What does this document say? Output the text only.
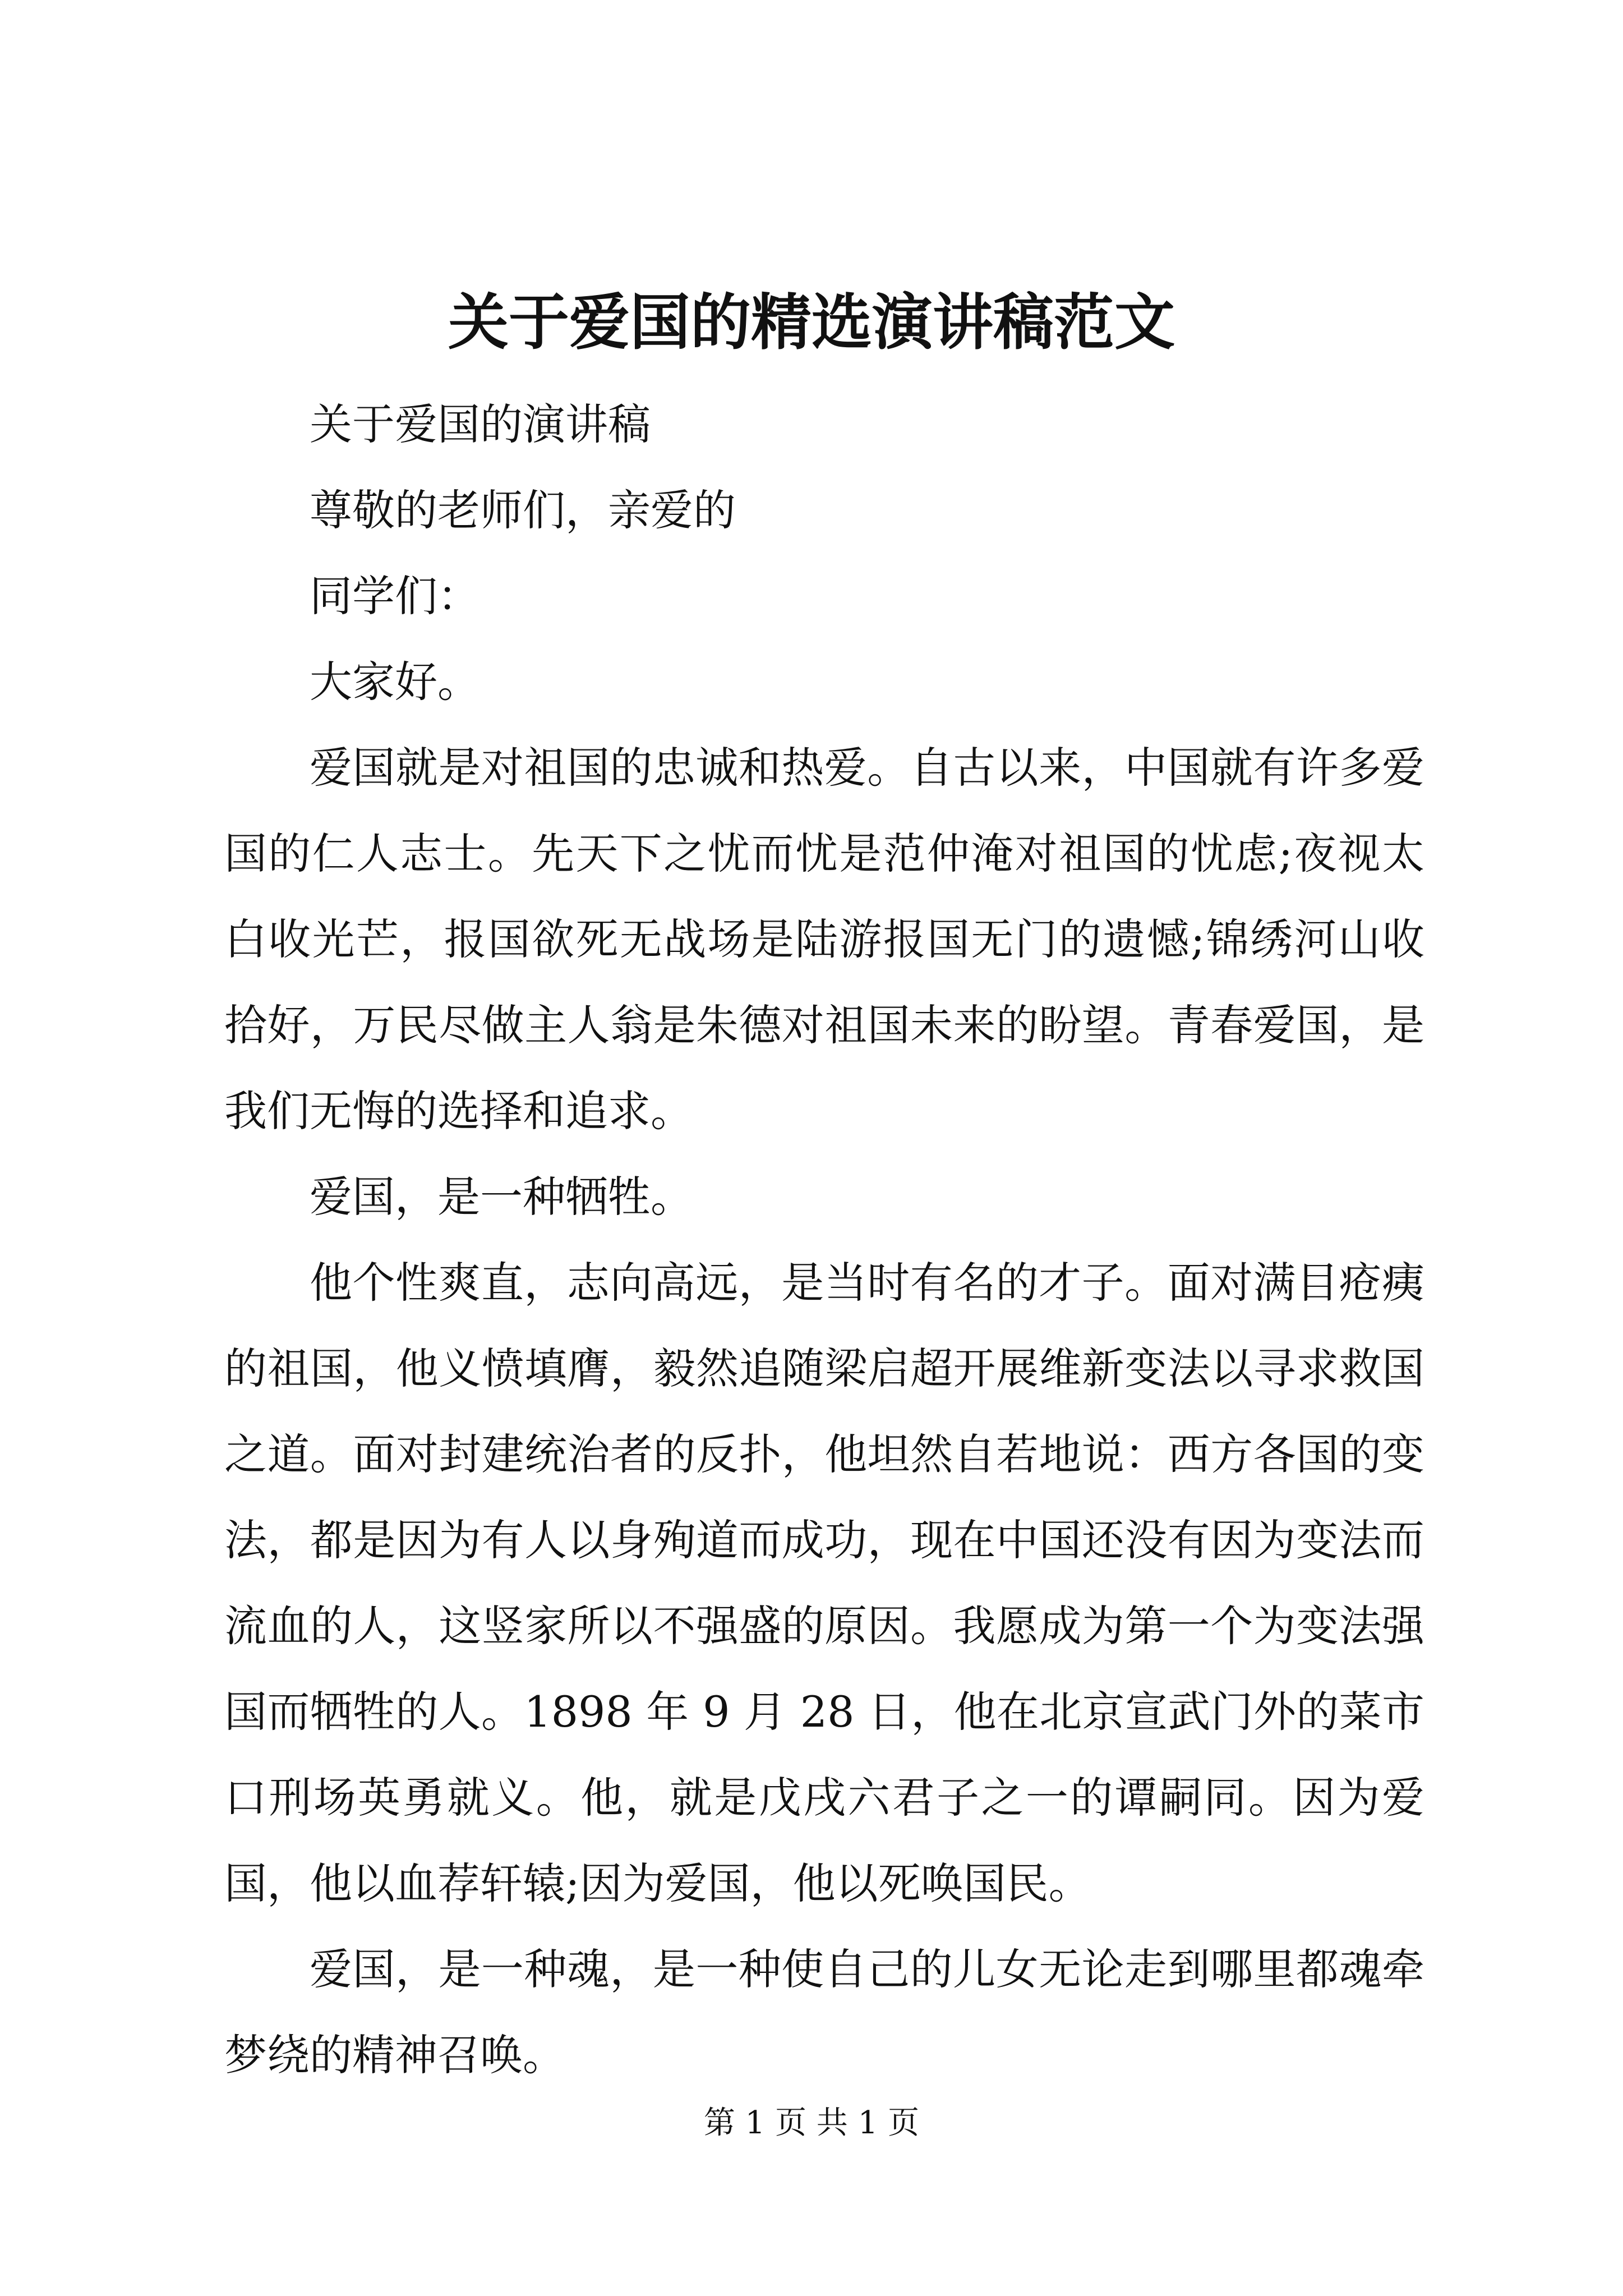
关于爱国的精选演讲稿范文

关于爱国的演讲稿

尊敬的老师们，亲爱的

同学们：

大家好。

爱国就是对祖国的忠诚和热爱。自古以来，中国就有许多爱国的仁人志士。先天下之忧而忧是范仲淹对祖国的忧虑;夜视太白收光芒，报国欲死无战场是陆游报国无门的遗憾;锦绣河山收拾好，万民尽做主人翁是朱德对祖国未来的盼望。青春爱国，是我们无悔的选择和追求。

爱国，是一种牺牲。

他个性爽直，志向高远，是当时有名的才子。面对满目疮痍的祖国，他义愤填膺，毅然追随梁启超开展维新变法以寻求救国之道。面对封建统治者的反扑，他坦然自若地说：西方各国的变法，都是因为有人以身殉道而成功，现在中国还没有因为变法而流血的人，这竖家所以不强盛的原因。我愿成为第一个为变法强国而牺牲的人。1898 年 9 月 28 日，他在北京宣武门外的菜市口刑场英勇就义。他，就是戊戌六君子之一的谭嗣同。因为爱国，他以血荐轩辕;因为爱国，他以死唤国民。

爱国，是一种魂，是一种使自己的儿女无论走到哪里都魂牵梦绕的精神召唤。

第 1 页 共 1 页
